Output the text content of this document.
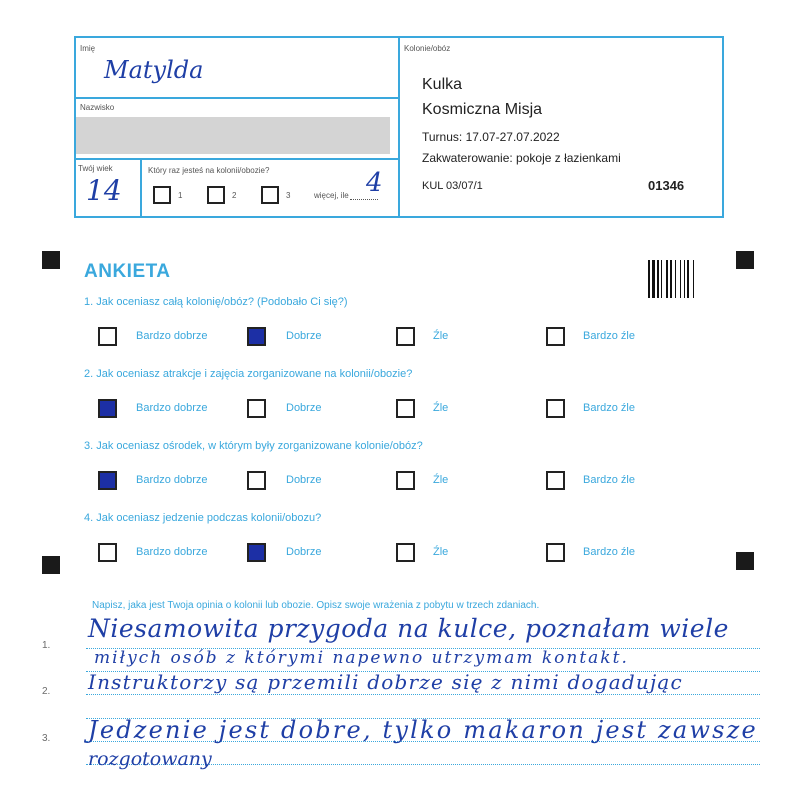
Imię
Matylda
Nazwisko
Twój wiek
14
Który raz jesteś na kolonii/obozie?
1	2	3	więcej, ile 4
Kolonie/obóz
Kulka
Kosmiczna Misja
Turnus: 17.07-27.07.2022
Zakwaterowanie: pokoje z łazienkami
KUL 03/07/1	01346
ANKIETA
1. Jak oceniasz całą kolonię/obóz? (Podobało Ci się?)
Bardzo dobrze	Dobrze	Źle	Bardzo źle
2. Jak oceniasz atrakcje i zajęcia zorganizowane na kolonii/obozie?
Bardzo dobrze	Dobrze	Źle	Bardzo źle
3. Jak oceniasz ośrodek, w którym były zorganizowane kolonie/obóz?
Bardzo dobrze	Dobrze	Źle	Bardzo źle
4. Jak oceniasz jedzenie podczas kolonii/obozu?
Bardzo dobrze	Dobrze	Źle	Bardzo źle
Napisz, jaka jest Twoja opinia o kolonii lub obozie. Opisz swoje wrażenia z pobytu w trzech zdaniach.
1.
2.
3.
Niesamowita przygoda na kulce, poznałam wiele
miłych osób z którymi napewno utrzymam kontakt.
Instruktorzy są przemili dobrze się z nimi dogadując
Jedzenie jest dobre, tylko makaron jest zawsze
rozgotowany
